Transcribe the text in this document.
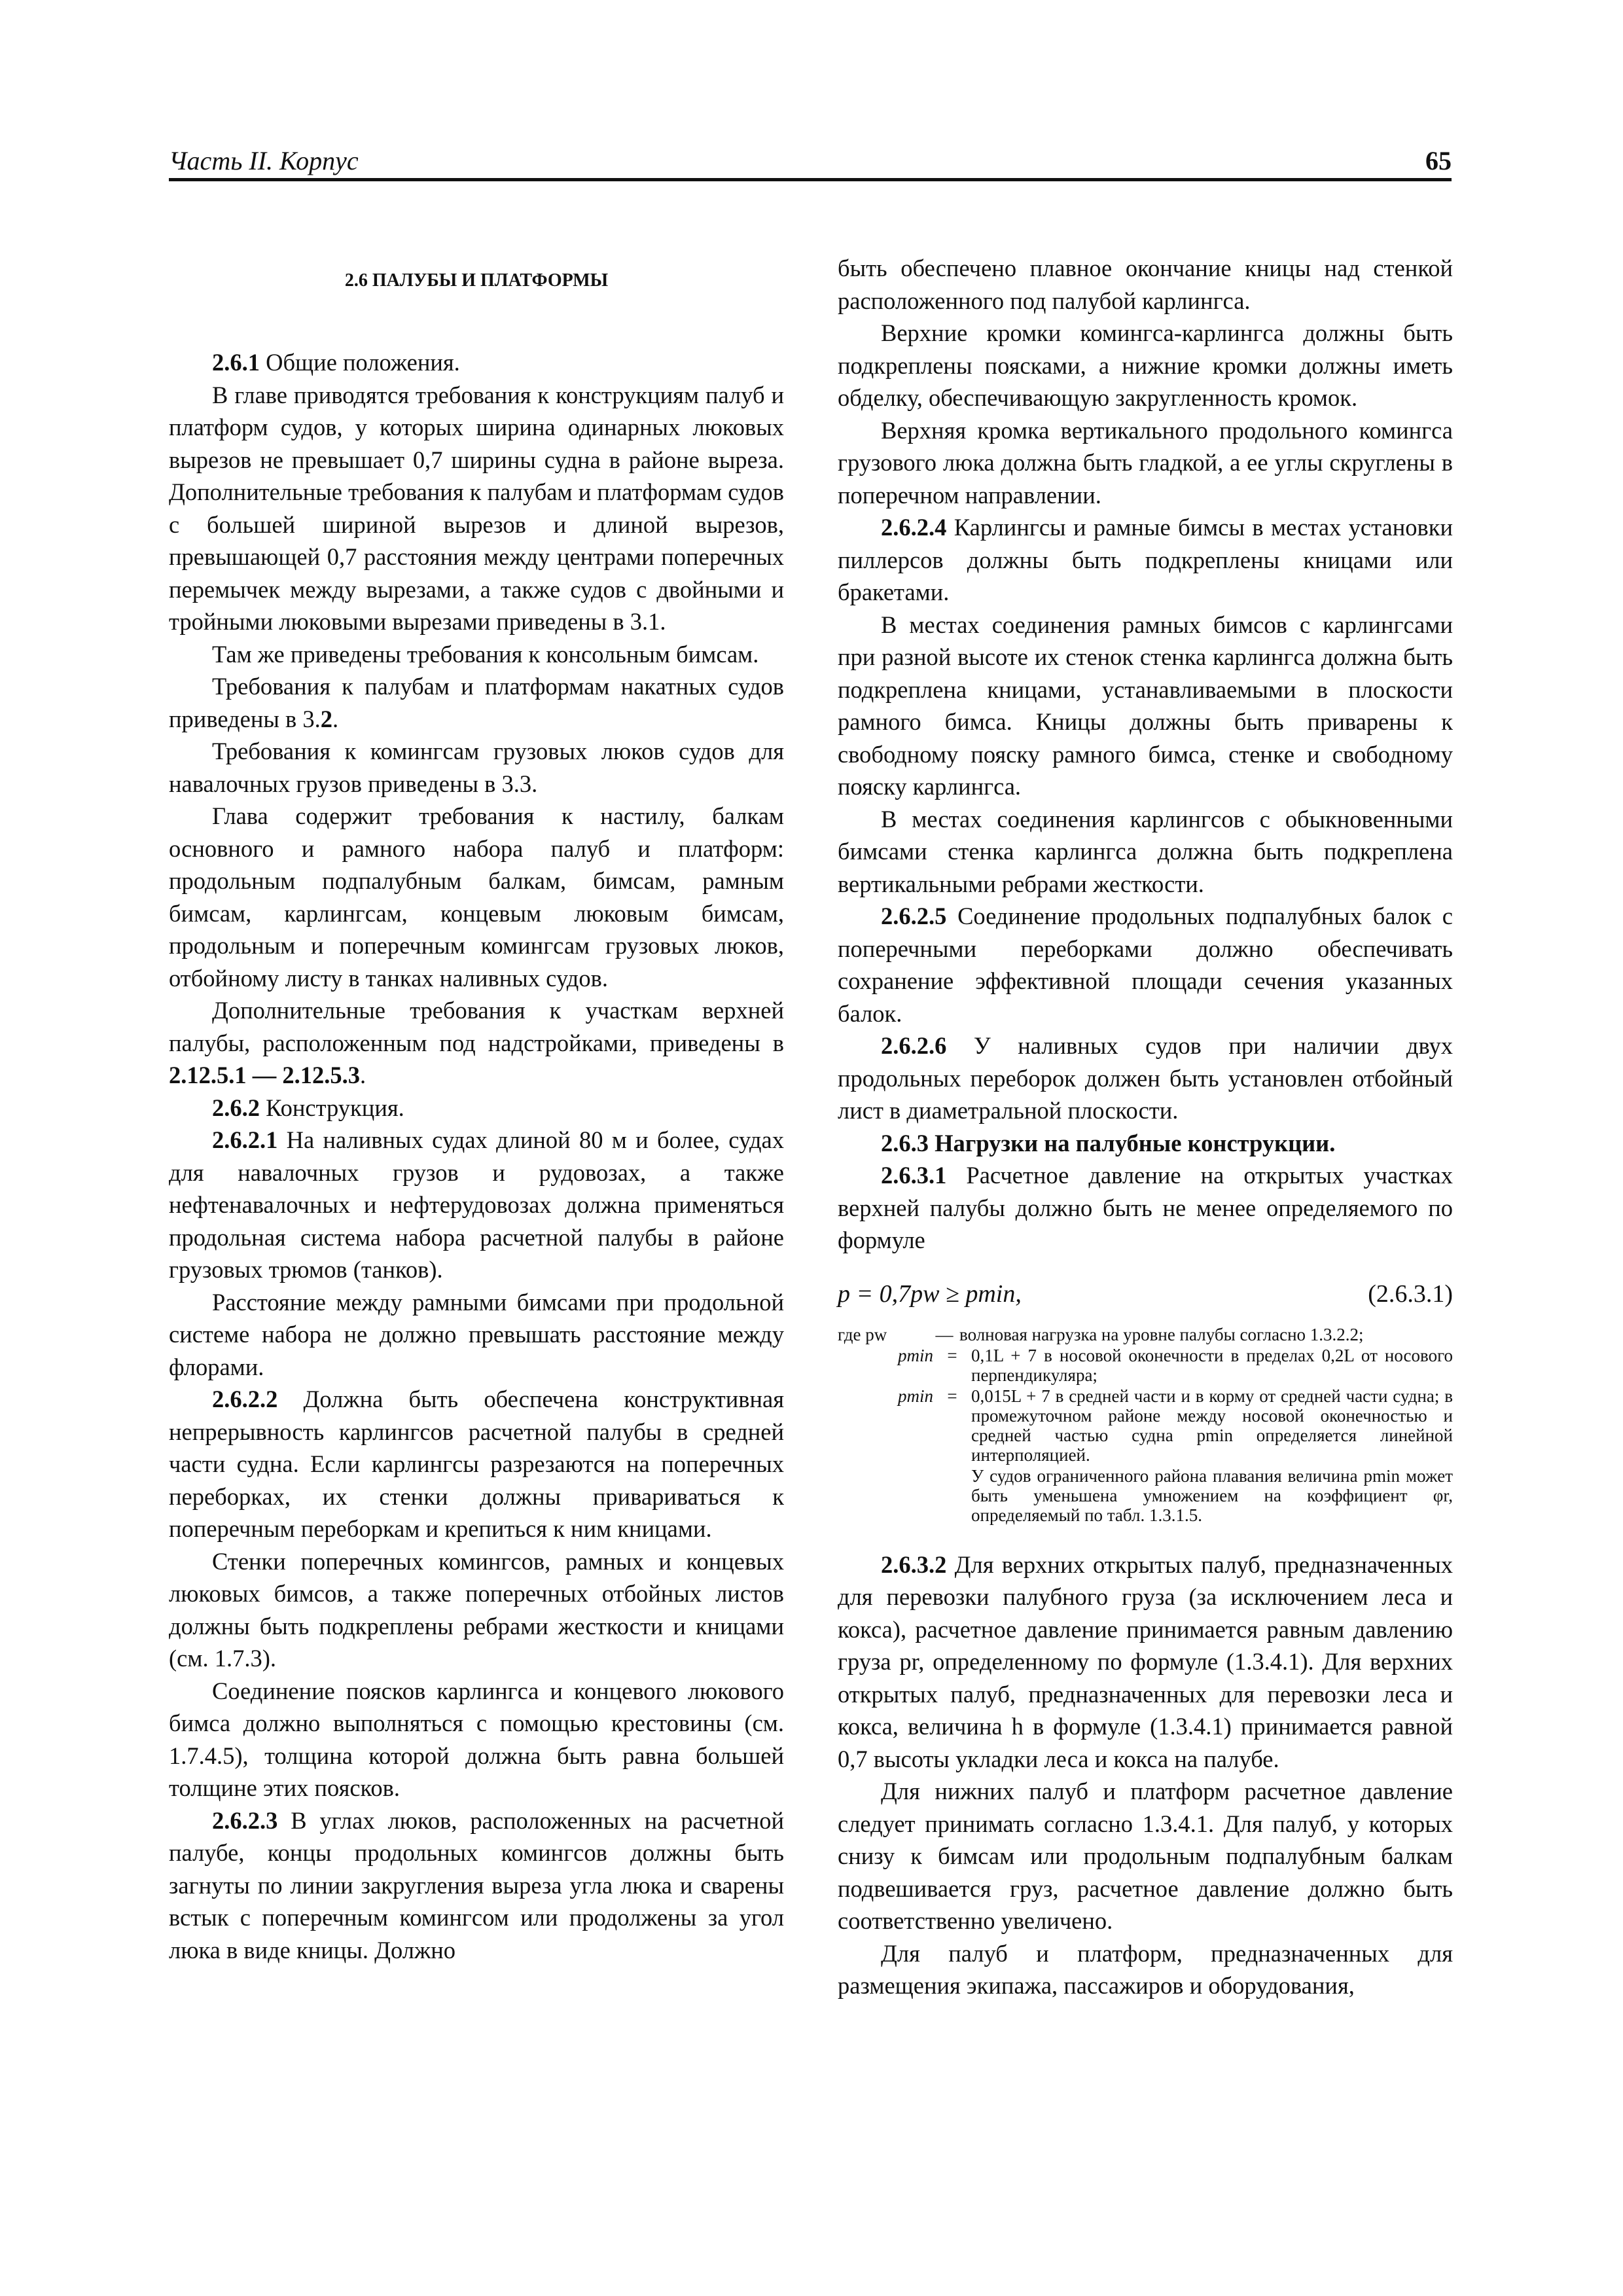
Часть II. Корпус	65
2.6 ПАЛУБЫ И ПЛАТФОРМЫ

2.6.1 Общие положения.

В главе приводятся требования к конструкциям палуб и платформ судов, у которых ширина одинарных люковых вырезов не превышает 0,7 ширины судна в районе выреза. Дополнительные требования к палубам и платформам судов с большей шириной вырезов и длиной вырезов, превышающей 0,7 расстояния между центрами поперечных перемычек между вырезами, а также судов с двойными и тройными люковыми вырезами приведены в 3.1.

Там же приведены требования к консольным бимсам.

Требования к палубам и платформам накатных судов приведены в 3.2.

Требования к комингсам грузовых люков судов для навалочных грузов приведены в 3.3.

Глава содержит требования к настилу, балкам основного и рамного набора палуб и платформ: продольным подпалубным балкам, бимсам, рамным бимсам, карлингсам, концевым люковым бимсам, продольным и поперечным комингсам грузовых люков, отбойному листу в танках наливных судов.

Дополнительные требования к участкам верхней палубы, расположенным под надстройками, приведены в 2.12.5.1 — 2.12.5.3.

2.6.2 Конструкция.

2.6.2.1 На наливных судах длиной 80 м и более, судах для навалочных грузов и рудовозах, а также нефтенавалочных и нефтерудовозах должна применяться продольная система набора расчетной палубы в районе грузовых трюмов (танков).

Расстояние между рамными бимсами при продольной системе набора не должно превышать расстояние между флорами.

2.6.2.2 Должна быть обеспечена конструктивная непрерывность карлингсов расчетной палубы в средней части судна. Если карлингсы разрезаются на поперечных переборках, их стенки должны привариваться к поперечным переборкам и крепиться к ним кницами.

Стенки поперечных комингсов, рамных и концевых люковых бимсов, а также поперечных отбойных листов должны быть подкреплены ребрами жесткости и кницами (см. 1.7.3).

Соединение поясков карлингса и концевого люкового бимса должно выполняться с помощью крестовины (см. 1.7.4.5), толщина которой должна быть равна большей толщине этих поясков.

2.6.2.3 В углах люков, расположенных на расчетной палубе, концы продольных комингсов должны быть загнуты по линии закругления выреза угла люка и сварены встык с поперечным комингсом или продолжены за угол люка в виде кницы. Должно

быть обеспечено плавное окончание кницы над стенкой расположенного под палубой карлингса.

Верхние кромки комингса-карлингса должны быть подкреплены поясками, а нижние кромки должны иметь обделку, обеспечивающую закругленность кромок.

Верхняя кромка вертикального продольного комингса грузового люка должна быть гладкой, а ее углы скруглены в поперечном направлении.

2.6.2.4 Карлингсы и рамные бимсы в местах установки пиллерсов должны быть подкреплены кницами или бракетами.

В местах соединения рамных бимсов с карлингсами при разной высоте их стенок стенка карлингса должна быть подкреплена кницами, устанавливаемыми в плоскости рамного бимса. Кницы должны быть приварены к свободному пояску рамного бимса, стенке и свободному пояску карлингса.

В местах соединения карлингсов с обыкновенными бимсами стенка карлингса должна быть подкреплена вертикальными ребрами жесткости.

2.6.2.5 Соединение продольных подпалубных балок с поперечными переборками должно обеспечивать сохранение эффективной площади сечения указанных балок.

2.6.2.6 У наливных судов при наличии двух продольных переборок должен быть установлен отбойный лист в диаметральной плоскости.

2.6.3 Нагрузки на палубные конструкции.

2.6.3.1 Расчетное давление на открытых участках верхней палубы должно быть не менее определяемого по формуле

p = 0,7pw ≥ pmin,	(2.6.3.1)
где pw	— волновая нагрузка на уровне палубы согласно 1.3.2.2;
pmin = 0,1L + 7 в носовой оконечности в пределах 0,2L от носового перпендикуляра;
pmin = 0,015L + 7 в средней части и в корму от средней части судна; в промежуточном районе между носовой оконечностью и средней частью судна pmin определяется линейной интерполяцией.
У судов ограниченного района плавания величина pmin может быть уменьшена умножением на коэффициент φr, определяемый по табл. 1.3.1.5.

2.6.3.2 Для верхних открытых палуб, предназначенных для перевозки палубного груза (за исключением леса и кокса), расчетное давление принимается равным давлению груза pr, определенному по формуле (1.3.4.1). Для верхних открытых палуб, предназначенных для перевозки леса и кокса, величина h в формуле (1.3.4.1) принимается равной 0,7 высоты укладки леса и кокса на палубе.

Для нижних палуб и платформ расчетное давление следует принимать согласно 1.3.4.1. Для палуб, у которых снизу к бимсам или продольным подпалубным балкам подвешивается груз, расчетное давление должно быть соответственно увеличено.

Для палуб и платформ, предназначенных для размещения экипажа, пассажиров и оборудования,
